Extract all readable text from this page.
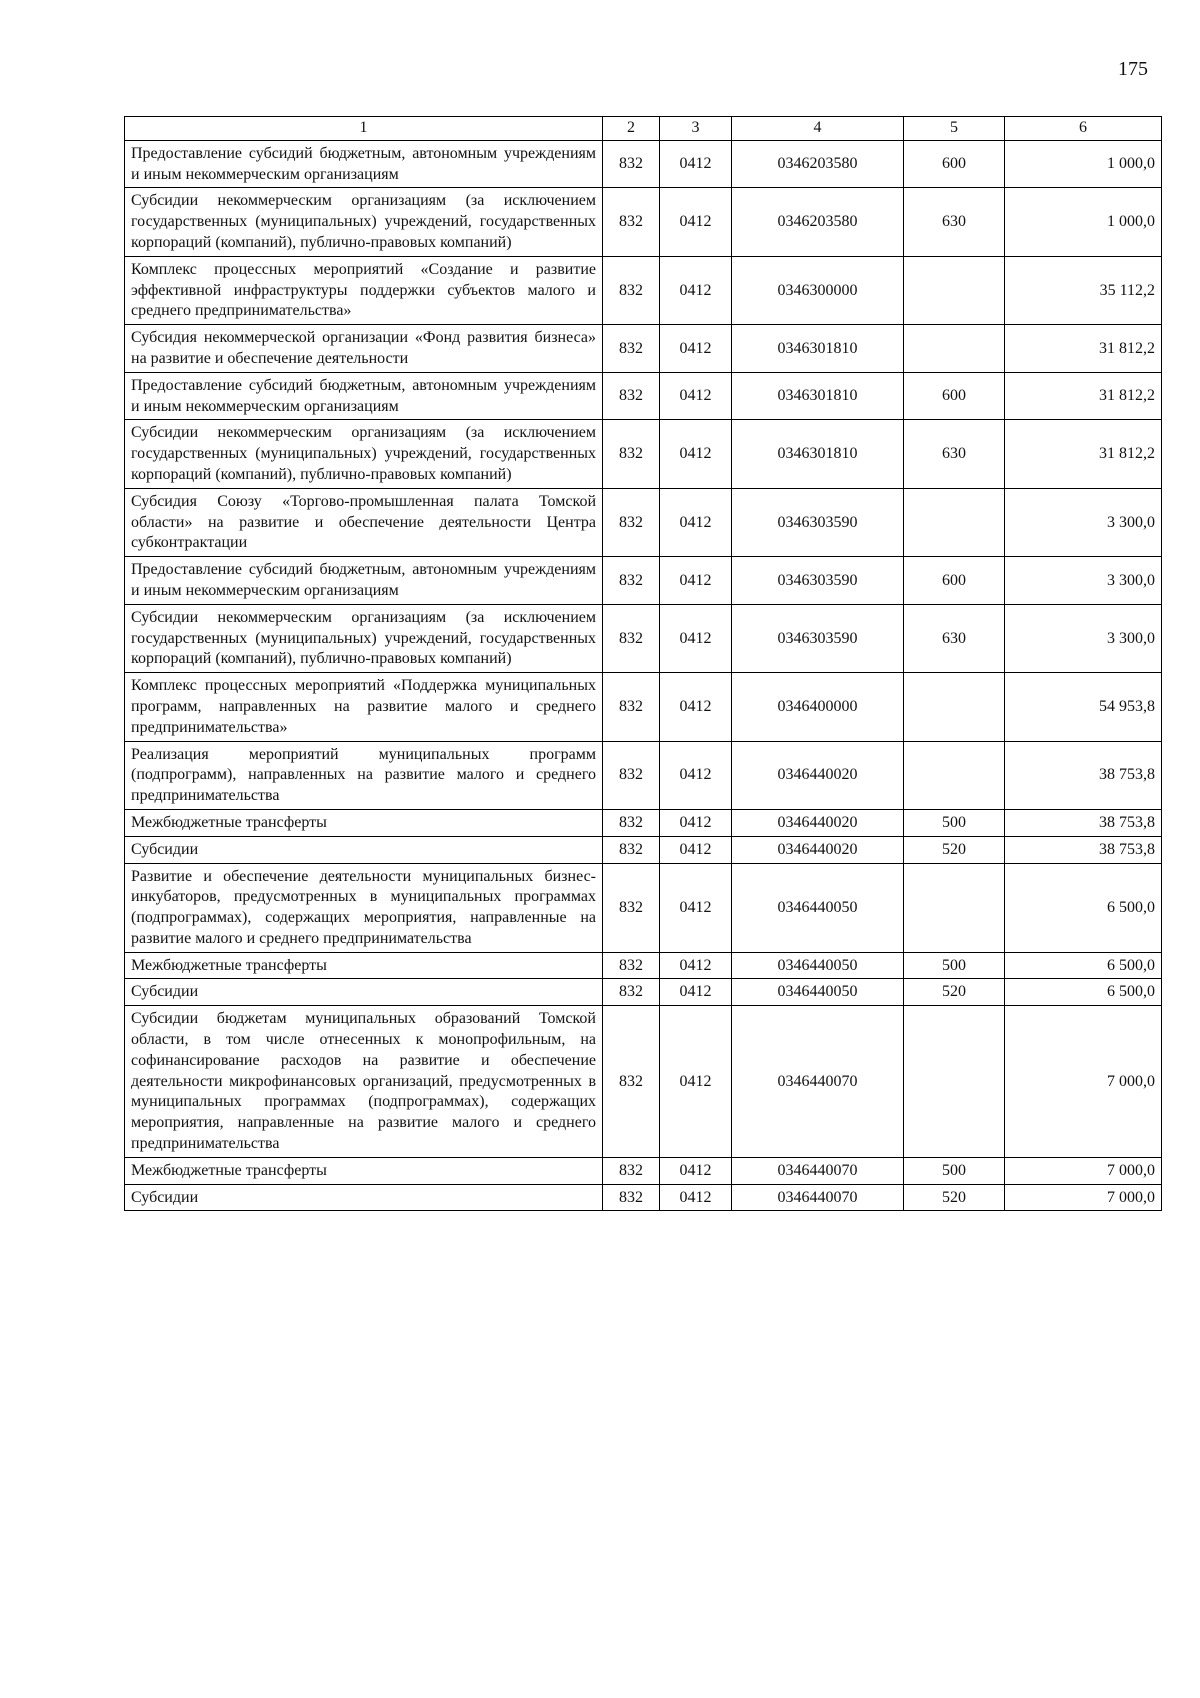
175
1	2	3	4	5	6
Предоставление субсидий бюджетным, автономным учреждениям и иным некоммерческим организациям	832	0412	0346203580	600	1 000,0
Субсидии некоммерческим организациям (за исключением государственных (муниципальных) учреждений, государственных корпораций (компаний), публично-правовых компаний)	832	0412	0346203580	630	1 000,0
Комплекс процессных мероприятий «Создание и развитие эффективной инфраструктуры поддержки субъектов малого и среднего предпринимательства»	832	0412	0346300000		35 112,2
Субсидия некоммерческой организации «Фонд развития бизнеса» на развитие и обеспечение деятельности	832	0412	0346301810		31 812,2
Предоставление субсидий бюджетным, автономным учреждениям и иным некоммерческим организациям	832	0412	0346301810	600	31 812,2
Субсидии некоммерческим организациям (за исключением государственных (муниципальных) учреждений, государственных корпораций (компаний), публично-правовых компаний)	832	0412	0346301810	630	31 812,2
Субсидия Союзу «Торгово-промышленная палата Томской области» на развитие и обеспечение деятельности Центра субконтрактации	832	0412	0346303590		3 300,0
Предоставление субсидий бюджетным, автономным учреждениям и иным некоммерческим организациям	832	0412	0346303590	600	3 300,0
Субсидии некоммерческим организациям (за исключением государственных (муниципальных) учреждений, государственных корпораций (компаний), публично-правовых компаний)	832	0412	0346303590	630	3 300,0
Комплекс процессных мероприятий «Поддержка муниципальных программ, направленных на развитие малого и среднего предпринимательства»	832	0412	0346400000		54 953,8
Реализация мероприятий муниципальных программ (подпрограмм), направленных на развитие малого и среднего предпринимательства	832	0412	0346440020		38 753,8
Межбюджетные трансферты	832	0412	0346440020	500	38 753,8
Субсидии	832	0412	0346440020	520	38 753,8
Развитие и обеспечение деятельности муниципальных бизнес-инкубаторов, предусмотренных в муниципальных программах (подпрограммах), содержащих мероприятия, направленные на развитие малого и среднего предпринимательства	832	0412	0346440050		6 500,0
Межбюджетные трансферты	832	0412	0346440050	500	6 500,0
Субсидии	832	0412	0346440050	520	6 500,0
Субсидии бюджетам муниципальных образований Томской области, в том числе отнесенных к монопрофильным, на софинансирование расходов на развитие и обеспечение деятельности микрофинансовых организаций, предусмотренных в муниципальных программах (подпрограммах), содержащих мероприятия, направленные на развитие малого и среднего предпринимательства	832	0412	0346440070		7 000,0
Межбюджетные трансферты	832	0412	0346440070	500	7 000,0
Субсидии	832	0412	0346440070	520	7 000,0
